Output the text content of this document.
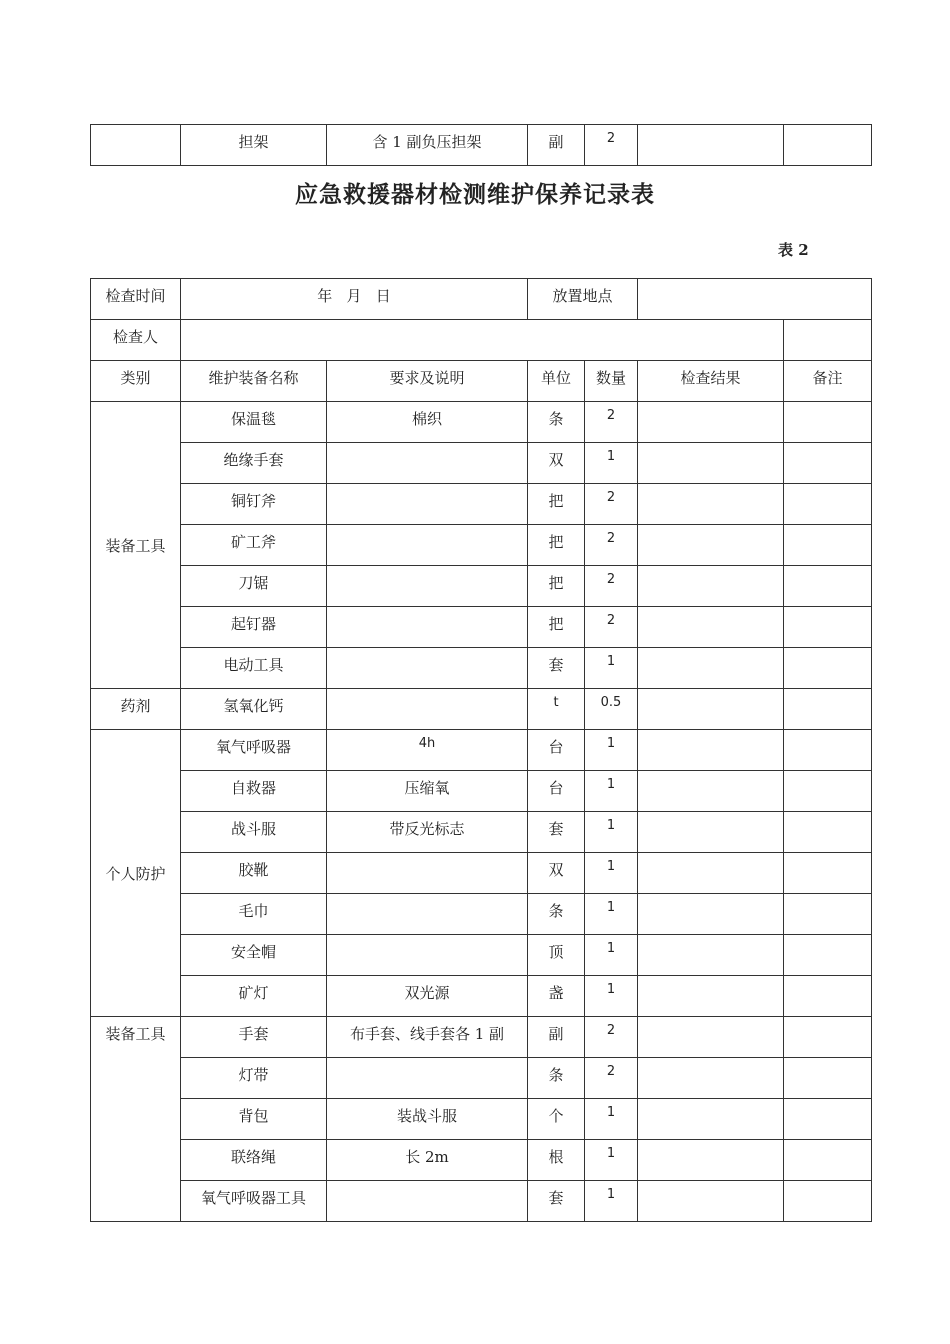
	担架	含 1 副负压担架	副	2		
应急救援器材检测维护保养记录表
表 2
检查时间	年   月   日		放置地点			
检查人						
类别	维护装备名称	要求及说明	单位	数量	检查结果	备注
装备工具	保温毯	棉织	条	2		
	绝缘手套		双	1		
	铜钉斧		把	2		
	矿工斧		把	2		
	刀锯		把	2		
	起钉器		把	2		
	电动工具		套	1		
药剂	氢氧化钙		t	0.5		
个人防护	氧气呼吸器	4h	台	1		
	自救器	压缩氧	台	1		
	战斗服	带反光标志	套	1		
	胶靴		双	1		
	毛巾		条	1		
	安全帽		顶	1		
	矿灯	双光源	盏	1		
装备工具	手套	布手套、线手套各 1 副	副	2		
	灯带		条	2		
	背包	装战斗服	个	1		
	联络绳	长 2m	根	1		
	氧气呼吸器工具		套	1		
